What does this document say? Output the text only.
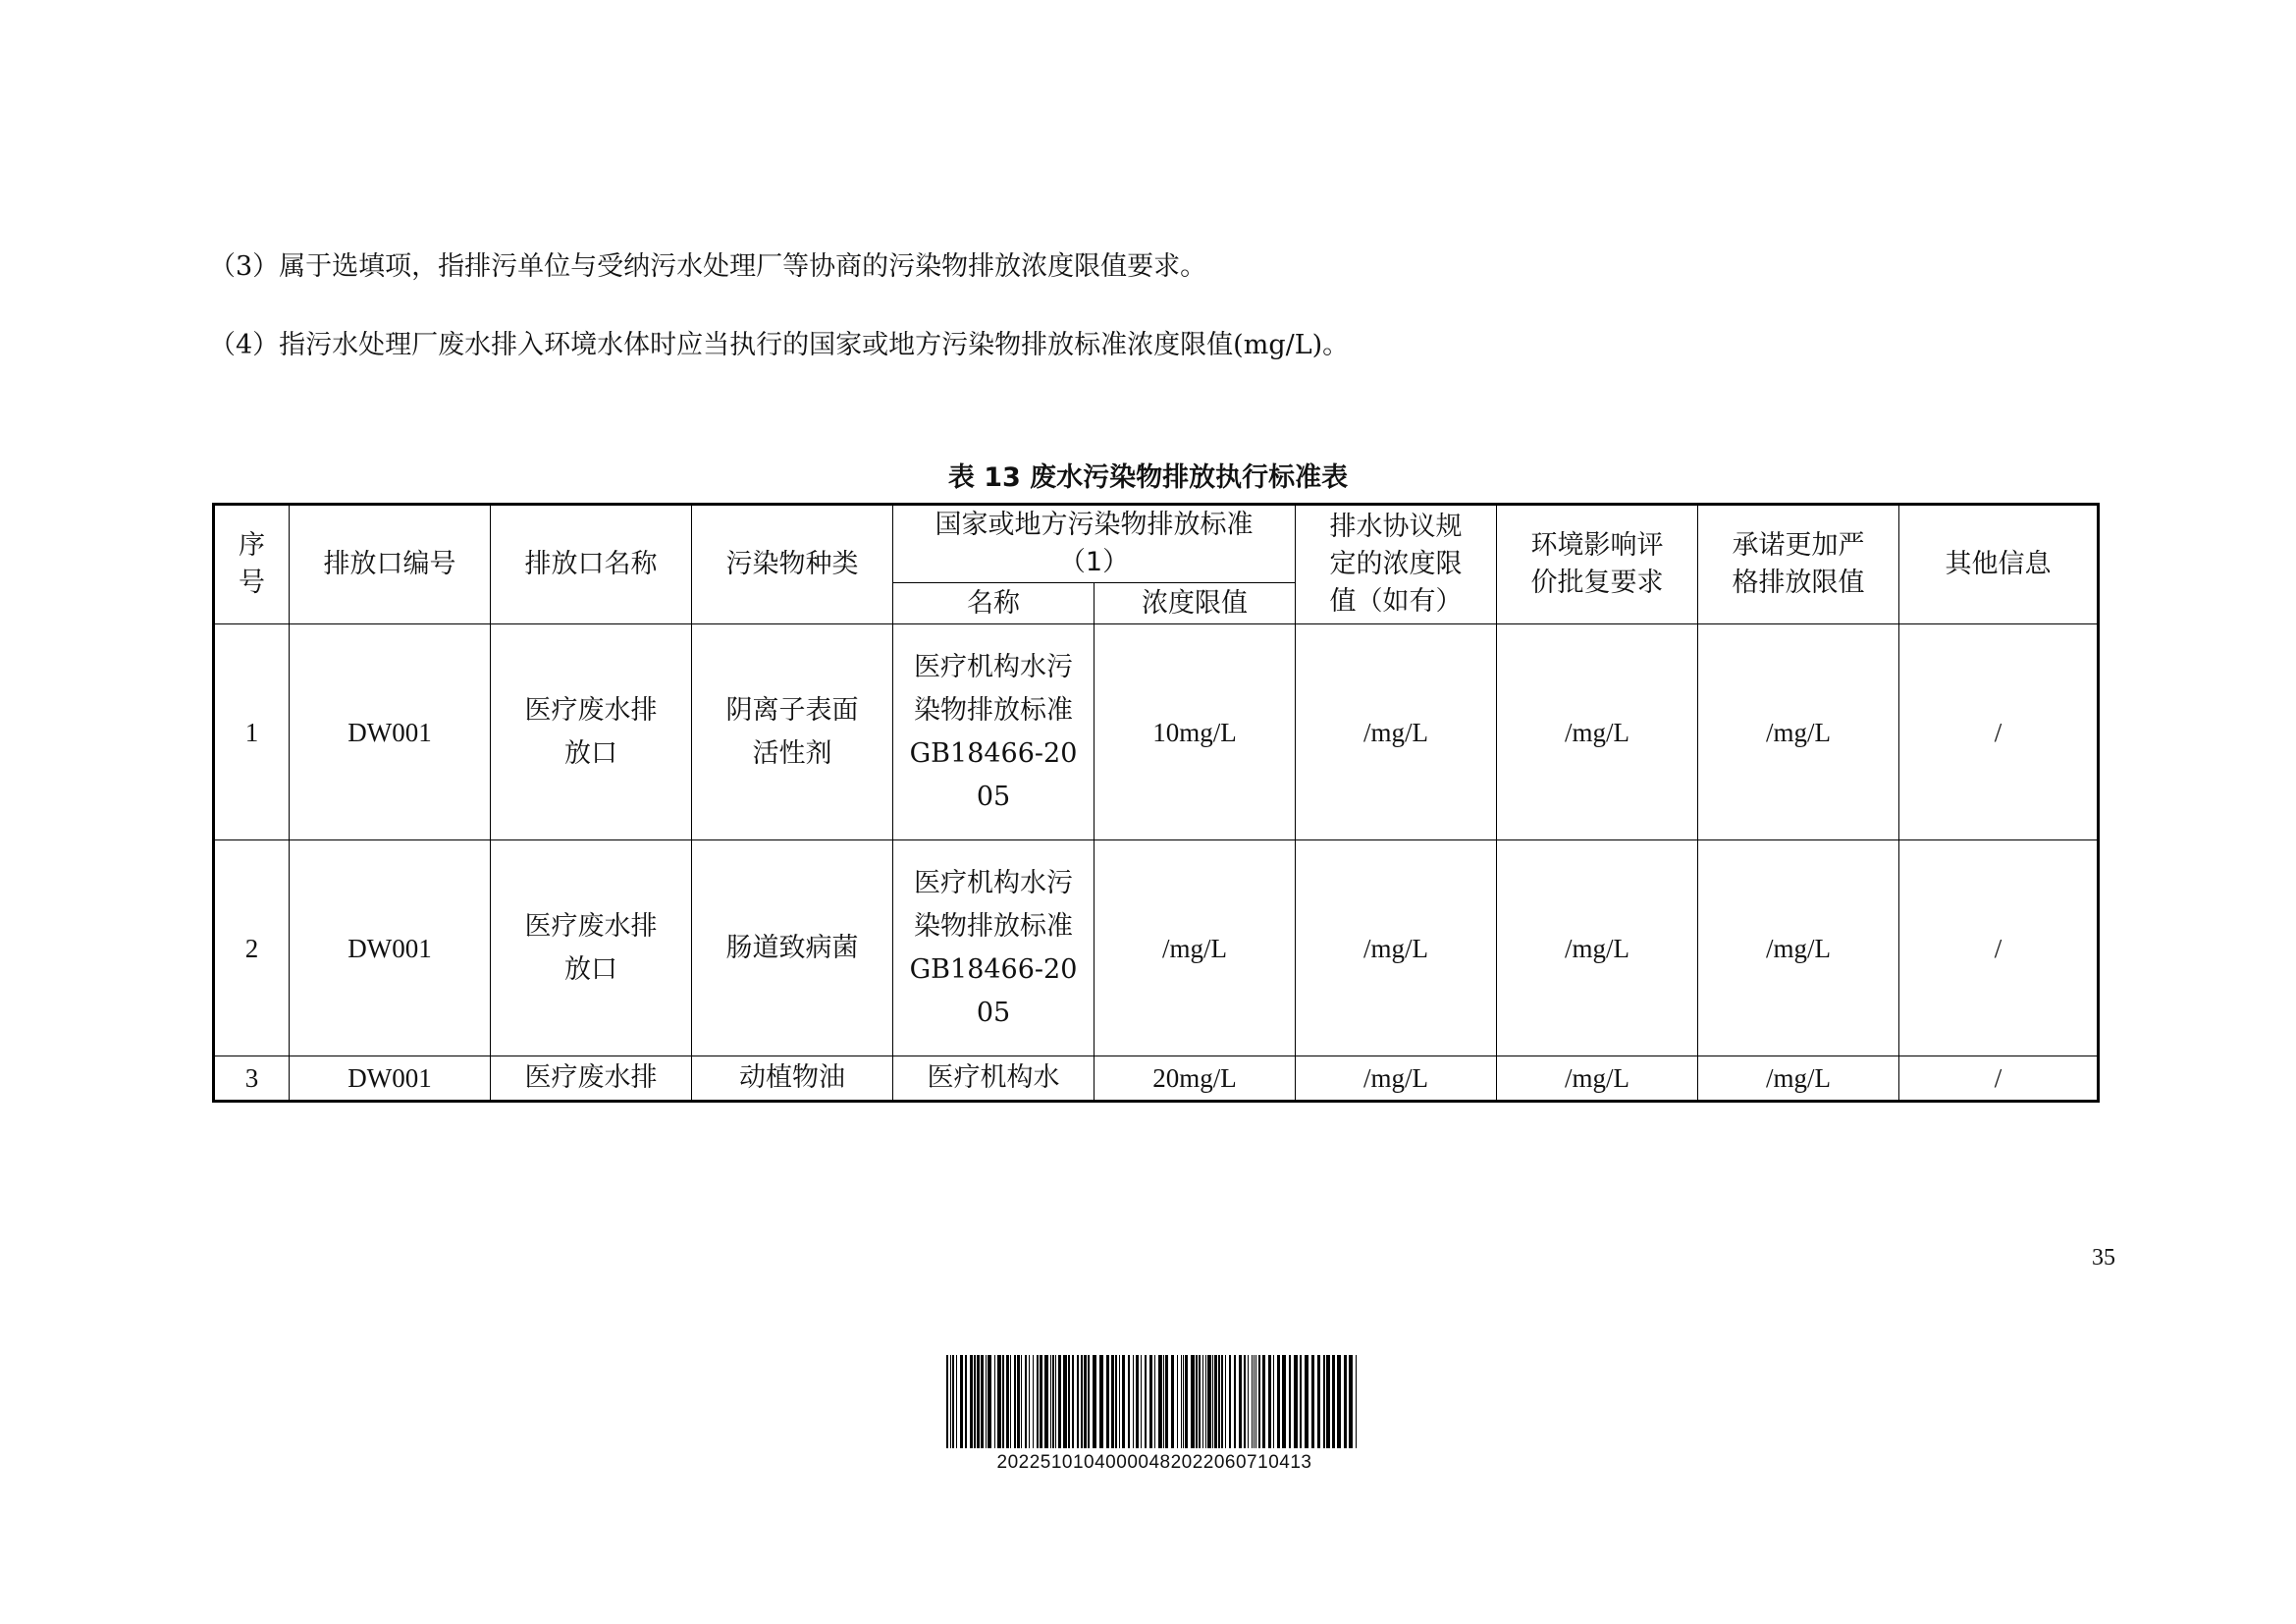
（3）属于选填项，指排污单位与受纳污水处理厂等协商的污染物排放浓度限值要求。
（4）指污水处理厂废水排入环境水体时应当执行的国家或地方污染物排放标准浓度限值(mg/L)。
表 13 废水污染物排放执行标准表
序号	排放口编号	排放口名称	污染物种类	国家或地方污染物排放标准（1）		排水协议规定的浓度限值（如有）	环境影响评价批复要求	承诺更加严格排放限值	其他信息
				名称	浓度限值				
1	DW001	医疗废水排放口	阴离子表面活性剂	医疗机构水污染物排放标准GB18466-2005	10mg/L	/mg/L	/mg/L	/mg/L	/
2	DW001	医疗废水排放口	肠道致病菌	医疗机构水污染物排放标准GB18466-2005	/mg/L	/mg/L	/mg/L	/mg/L	/
3	DW001	医疗废水排	动植物油	医疗机构水	20mg/L	/mg/L	/mg/L	/mg/L	/
35
20225101040000482022060710413
